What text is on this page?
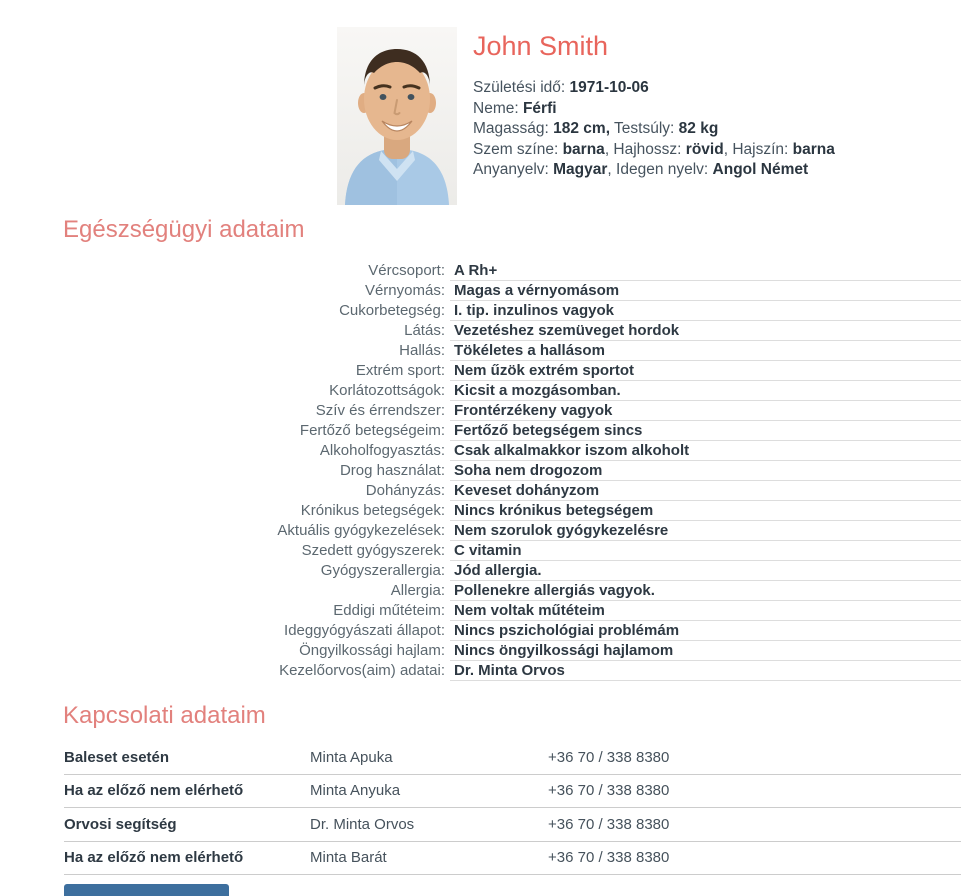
John Smith
Születési idő: 1971-10-06
Neme: Férfi
Magasság: 182 cm, Testsúly: 82 kg
Szem színe: barna, Hajhossz: rövid, Hajszín: barna
Anyanyelv: Magyar, Idegen nyelv: Angol Német
Egészségügyi adataim
Vércsoport: A Rh+
Vérnyomás: Magas a vérnyomásom
Cukorbetegség: I. tip. inzulinos vagyok
Látás: Vezetéshez szemüveget hordok
Hallás: Tökéletes a hallásom
Extrém sport: Nem űzök extrém sportot
Korlátozottságok: Kicsit a mozgásomban.
Szív és érrendszer: Frontérzékeny vagyok
Fertőző betegségeim: Fertőző betegségem sincs
Alkoholfogyasztás: Csak alkalmakkor iszom alkoholt
Drog használat: Soha nem drogozom
Dohányzás: Keveset dohányzom
Krónikus betegségek: Nincs krónikus betegségem
Aktuális gyógykezelések: Nem szorulok gyógykezelésre
Szedett gyógyszerek: C vitamin
Gyógyszerallergia: Jód allergia.
Allergia: Pollenekre allergiás vagyok.
Eddigi műtéteim: Nem voltak műtéteim
Ideggyógyászati állapot: Nincs pszichológiai problémám
Öngyilkossági hajlam: Nincs öngyilkossági hajlamom
Kezelőorvos(aim) adatai: Dr. Minta Orvos
Kapcsolati adataim
Baleset esetén	Minta Apuka	+36 70 / 338 8380
Ha az előző nem elérhető	Minta Anyuka	+36 70 / 338 8380
Orvosi segítség	Dr. Minta Orvos	+36 70 / 338 8380
Ha az előző nem elérhető	Minta Barát	+36 70 / 338 8380
